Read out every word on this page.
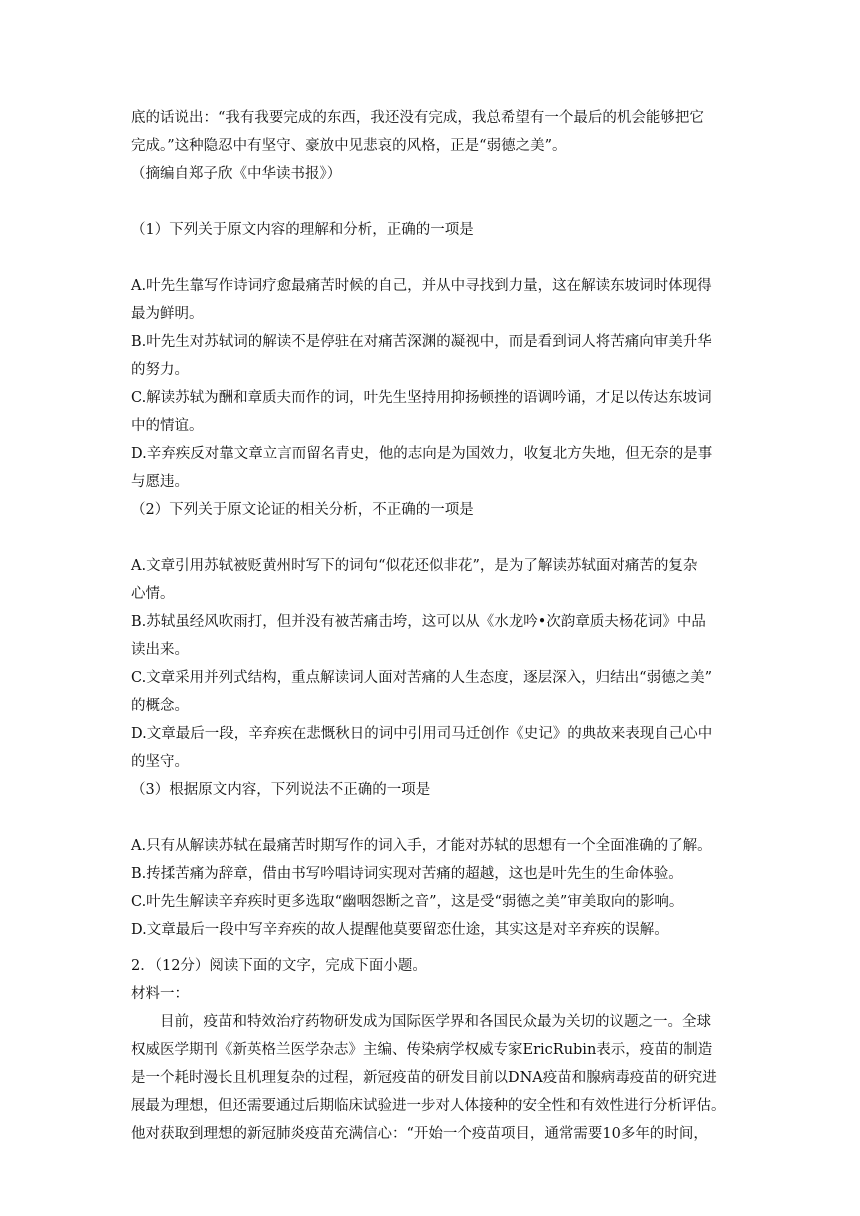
底的话说出：“我有我要完成的东西，我还没有完成，我总希望有一个最后的机会能够把它

完成。”这种隐忍中有坚守、豪放中见悲哀的风格，正是“弱德之美”。

（摘编自郑子欣《中华读书报》）

（1）下列关于原文内容的理解和分析，正确的一项是

A.叶先生靠写作诗词疗愈最痛苦时候的自己，并从中寻找到力量，这在解读东坡词时体现得

最为鲜明。

B.叶先生对苏轼词的解读不是停驻在对痛苦深渊的凝视中，而是看到词人将苦痛向审美升华

的努力。

C.解读苏轼为酬和章质夫而作的词，叶先生坚持用抑扬顿挫的语调吟诵，才足以传达东坡词

中的情谊。

D.辛弃疾反对靠文章立言而留名青史，他的志向是为国效力，收复北方失地，但无奈的是事

与愿违。

（2）下列关于原文论证的相关分析，不正确的一项是

A.文章引用苏轼被贬黄州时写下的词句“似花还似非花”，是为了解读苏轼面对痛苦的复杂

心情。

B.苏轼虽经风吹雨打，但并没有被苦痛击垮，这可以从《水龙吟•次韵章质夫杨花词》中品

读出来。

C.文章采用并列式结构，重点解读词人面对苦痛的人生态度，逐层深入，归结出“弱德之美”

的概念。

D.文章最后一段，辛弃疾在悲慨秋日的词中引用司马迁创作《史记》的典故来表现自己心中

的坚守。

（3）根据原文内容，下列说法不正确的一项是

A.只有从解读苏轼在最痛苦时期写作的词入手，才能对苏轼的思想有一个全面准确的了解。

B.抟揉苦痛为辞章，借由书写吟唱诗词实现对苦痛的超越，这也是叶先生的生命体验。

C.叶先生解读辛弃疾时更多选取“幽咽怨断之音”，这是受“弱德之美”审美取向的影响。

D.文章最后一段中写辛弃疾的故人提醒他莫要留恋仕途，其实这是对辛弃疾的误解。

2．（12分）阅读下面的文字，完成下面小题。

材料一：

目前，疫苗和特效治疗药物研发成为国际医学界和各国民众最为关切的议题之一。全球

权威医学期刊《新英格兰医学杂志》主编、传染病学权威专家EricRubin表示，疫苗的制造

是一个耗时漫长且机理复杂的过程，新冠疫苗的研发目前以DNA疫苗和腺病毒疫苗的研究进

展最为理想，但还需要通过后期临床试验进一步对人体接种的安全性和有效性进行分析评估。

他对获取到理想的新冠肺炎疫苗充满信心：“开始一个疫苗项目，通常需要10多年的时间，
